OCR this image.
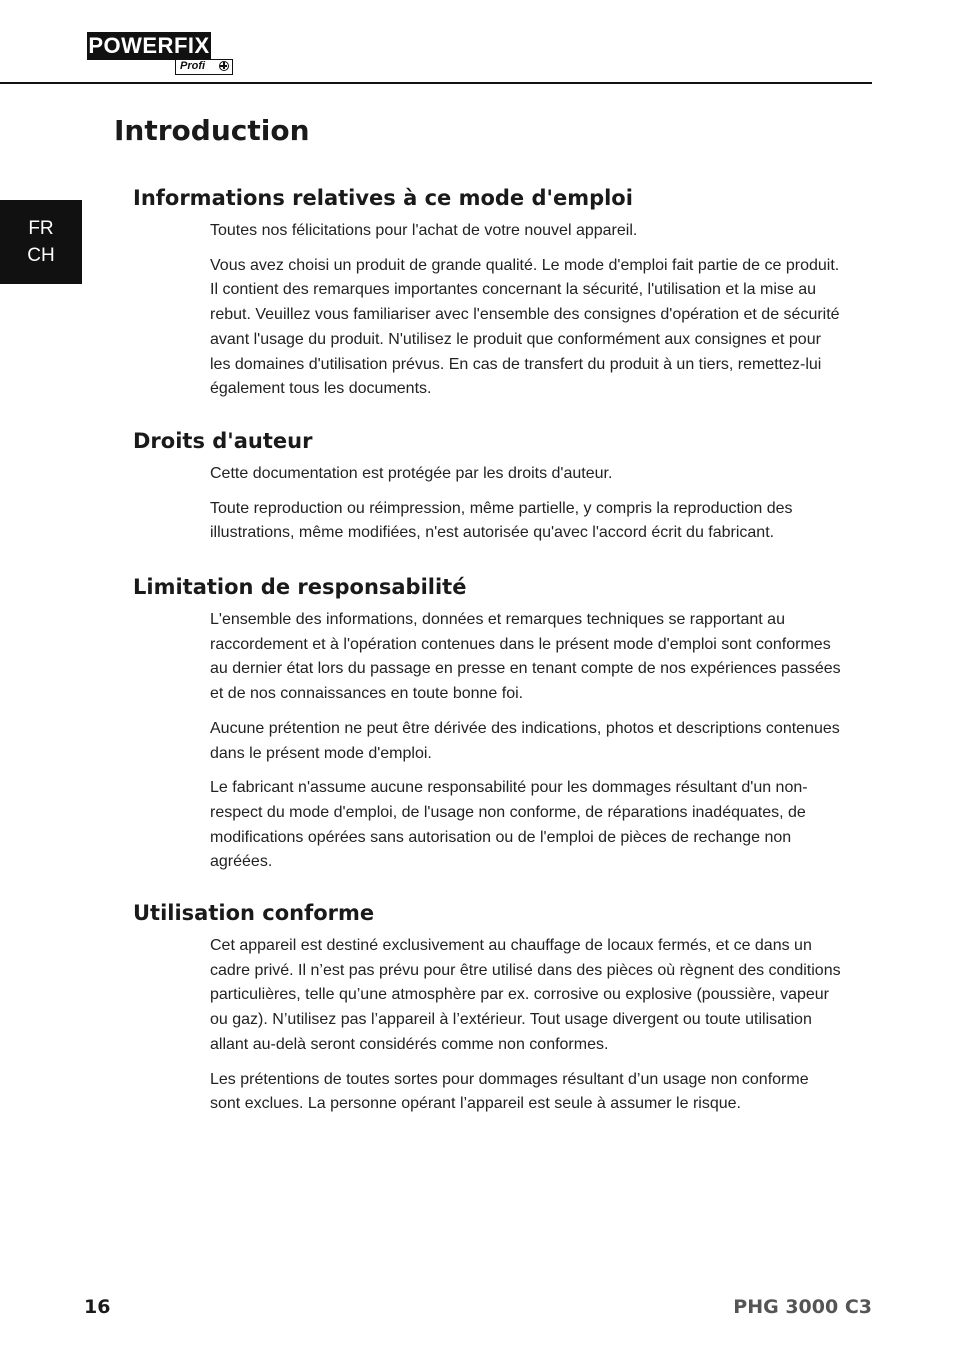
POWERFIX
Profi
FR
CH
Introduction
Informations relatives à ce mode d'emploi

Toutes nos félicitations pour l'achat de votre nouvel appareil.

Vous avez choisi un produit de grande qualité. Le mode d'emploi fait partie de ce produit. Il contient des remarques importantes concernant la sécurité, l'utilisation et la mise au rebut. Veuillez vous familiariser avec l'ensemble des consignes d'opération et de sécurité avant l'usage du produit. N'utilisez le produit que conformément aux consignes et pour les domaines d'utilisation prévus. En cas de transfert du produit à un tiers, remettez-lui également tous les documents.

Droits d'auteur

Cette documentation est protégée par les droits d'auteur.

Toute reproduction ou réimpression, même partielle, y compris la reproduction des illustrations, même modifiées, n'est autorisée qu'avec l'accord écrit du fabricant.

Limitation de responsabilité

L'ensemble des informations, données et remarques techniques se rapportant au raccordement et à l'opération contenues dans le présent mode d'emploi sont conformes au dernier état lors du passage en presse en tenant compte de nos expériences passées et de nos connaissances en toute bonne foi.

Aucune prétention ne peut être dérivée des indications, photos et descriptions contenues dans le présent mode d'emploi.

Le fabricant n'assume aucune responsabilité pour les dommages résultant d'un non-respect du mode d'emploi, de l'usage non conforme, de réparations inadéquates, de modifications opérées sans autorisation ou de l'emploi de pièces de rechange non agréées.

Utilisation conforme

Cet appareil est destiné exclusivement au chauffage de locaux fermés, et ce dans un cadre privé. Il n’est pas prévu pour être utilisé dans des pièces où règnent des conditions particulières, telle qu’une atmosphère par ex. corrosive ou explosive (poussière, vapeur ou gaz). N’utilisez pas l’appareil à l’extérieur. Tout usage divergent ou toute utilisation allant au-delà seront considérés comme non conformes.

Les prétentions de toutes sortes pour dommages résultant d’un usage non conforme sont exclues. La personne opérant l’appareil est seule à assumer le risque.

16	PHG 3000 C3
